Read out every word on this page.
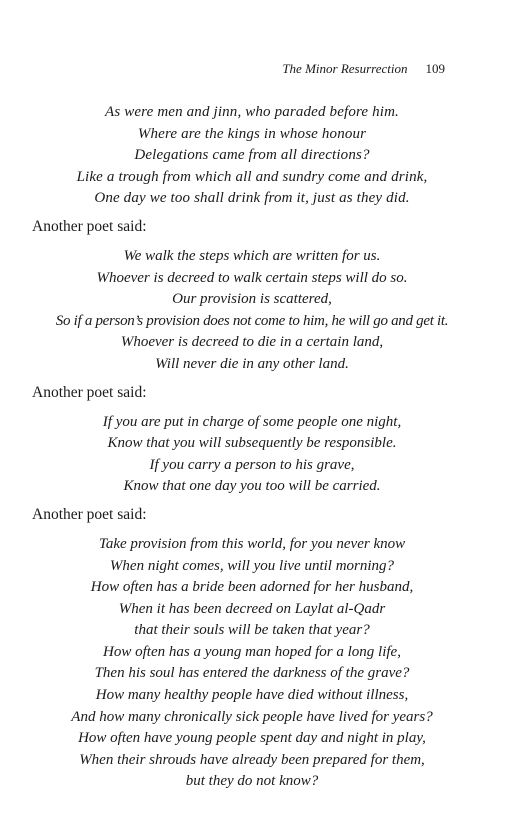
The Minor Resurrection 109
As were men and jinn, who paraded before him.
Where are the kings in whose honour
Delegations came from all directions?
Like a trough from which all and sundry come and drink,
One day we too shall drink from it, just as they did.

Another poet said:

We walk the steps which are written for us.
Whoever is decreed to walk certain steps will do so.
Our provision is scattered,
So if a person’s provision does not come to him, he will go and get it.
Whoever is decreed to die in a certain land,
Will never die in any other land.

Another poet said:

If you are put in charge of some people one night,
Know that you will subsequently be responsible.
If you carry a person to his grave,
Know that one day you too will be carried.

Another poet said:

Take provision from this world, for you never know
When night comes, will you live until morning?
How often has a bride been adorned for her husband,
When it has been decreed on Laylat al-Qadr
that their souls will be taken that year?
How often has a young man hoped for a long life,
Then his soul has entered the darkness of the grave?
How many healthy people have died without illness,
And how many chronically sick people have lived for years?
How often have young people spent day and night in play,
When their shrouds have already been prepared for them,
but they do not know?
